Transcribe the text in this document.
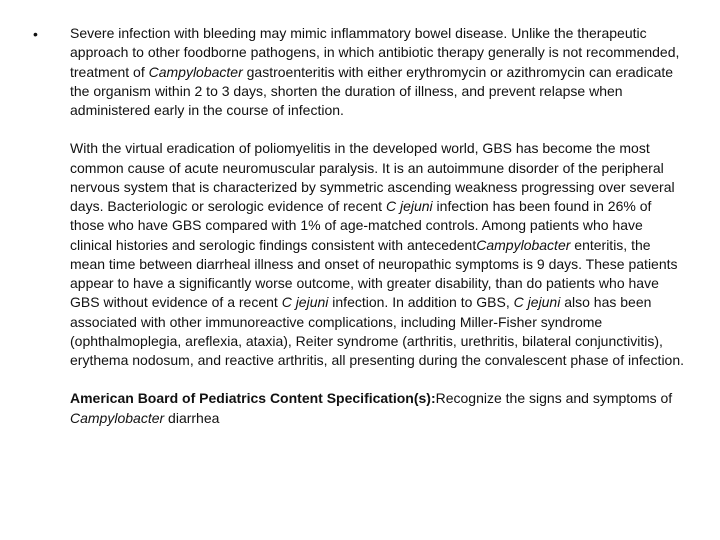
• Severe infection with bleeding may mimic inflammatory bowel disease. Unlike the therapeutic approach to other foodborne pathogens, in which antibiotic therapy generally is not recommended, treatment of Campylobacter gastroenteritis with either erythromycin or azithromycin can eradicate the organism within 2 to 3 days, shorten the duration of illness, and prevent relapse when administered early in the course of infection.

With the virtual eradication of poliomyelitis in the developed world, GBS has become the most common cause of acute neuromuscular paralysis. It is an autoimmune disorder of the peripheral nervous system that is characterized by symmetric ascending weakness progressing over several days. Bacteriologic or serologic evidence of recent C jejuni infection has been found in 26% of those who have GBS compared with 1% of age-matched controls. Among patients who have clinical histories and serologic findings consistent with antecedentCampylobacter enteritis, the mean time between diarrheal illness and onset of neuropathic symptoms is 9 days. These patients appear to have a significantly worse outcome, with greater disability, than do patients who have GBS without evidence of a recent C jejuni infection. In addition to GBS, C jejuni also has been associated with other immunoreactive complications, including Miller-Fisher syndrome (ophthalmoplegia, areflexia, ataxia), Reiter syndrome (arthritis, urethritis, bilateral conjunctivitis), erythema nodosum, and reactive arthritis, all presenting during the convalescent phase of infection.

American Board of Pediatrics Content Specification(s):Recognize the signs and symptoms of Campylobacter diarrhea
